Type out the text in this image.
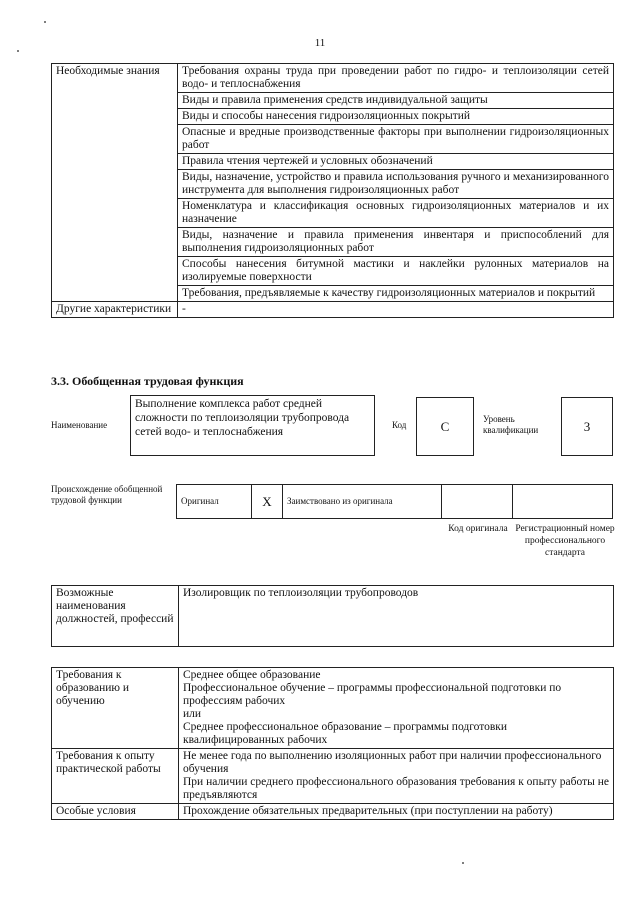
11
Необходимые знания	Требования охраны труда при проведении работ по гидро- и теплоизоляции сетей водо- и теплоснабжения
	Виды и правила применения средств индивидуальной защиты
	Виды и способы нанесения гидроизоляционных покрытий
	Опасные и вредные производственные факторы при выполнении гидроизоляционных работ
	Правила чтения чертежей и условных обозначений
	Виды, назначение, устройство и правила использования ручного и механизированного инструмента для выполнения гидроизоляционных работ
	Номенклатура и классификация основных гидроизоляционных материалов и их назначение
	Виды, назначение и правила применения инвентаря и приспособлений для выполнения гидроизоляционных работ
	Способы нанесения битумной мастики и наклейки рулонных материалов на изолируемые поверхности
	Требования, предъявляемые к качеству гидроизоляционных материалов и покрытий
Другие характеристики	-
3.3. Обобщенная трудовая функция
Наименование
Выполнение комплекса работ средней сложности по теплоизоляции трубопровода сетей водо- и теплоснабжения
Код	C	Уровень квалификации	3
Происхождение обобщенной трудовой функции	Оригинал	X	Заимствовано из оригинала		
Код оригинала Регистрационный номер профессионального стандарта
Возможные наименования должностей, профессий	Изолировщик по теплоизоляции трубопроводов
Требования к образованию и обучению	Среднее общее образование
Профессиональное обучение – программы профессиональной подготовки по профессиям рабочих
или
Среднее профессиональное образование – программы подготовки квалифицированных рабочих

Требования к опыту практической работы	Не менее года по выполнению изоляционных работ при наличии профессионального обучения
При наличии среднего профессионального образования требования к опыту работы не предъявляются

Особые условия	Прохождение обязательных предварительных (при поступлении на работу)
